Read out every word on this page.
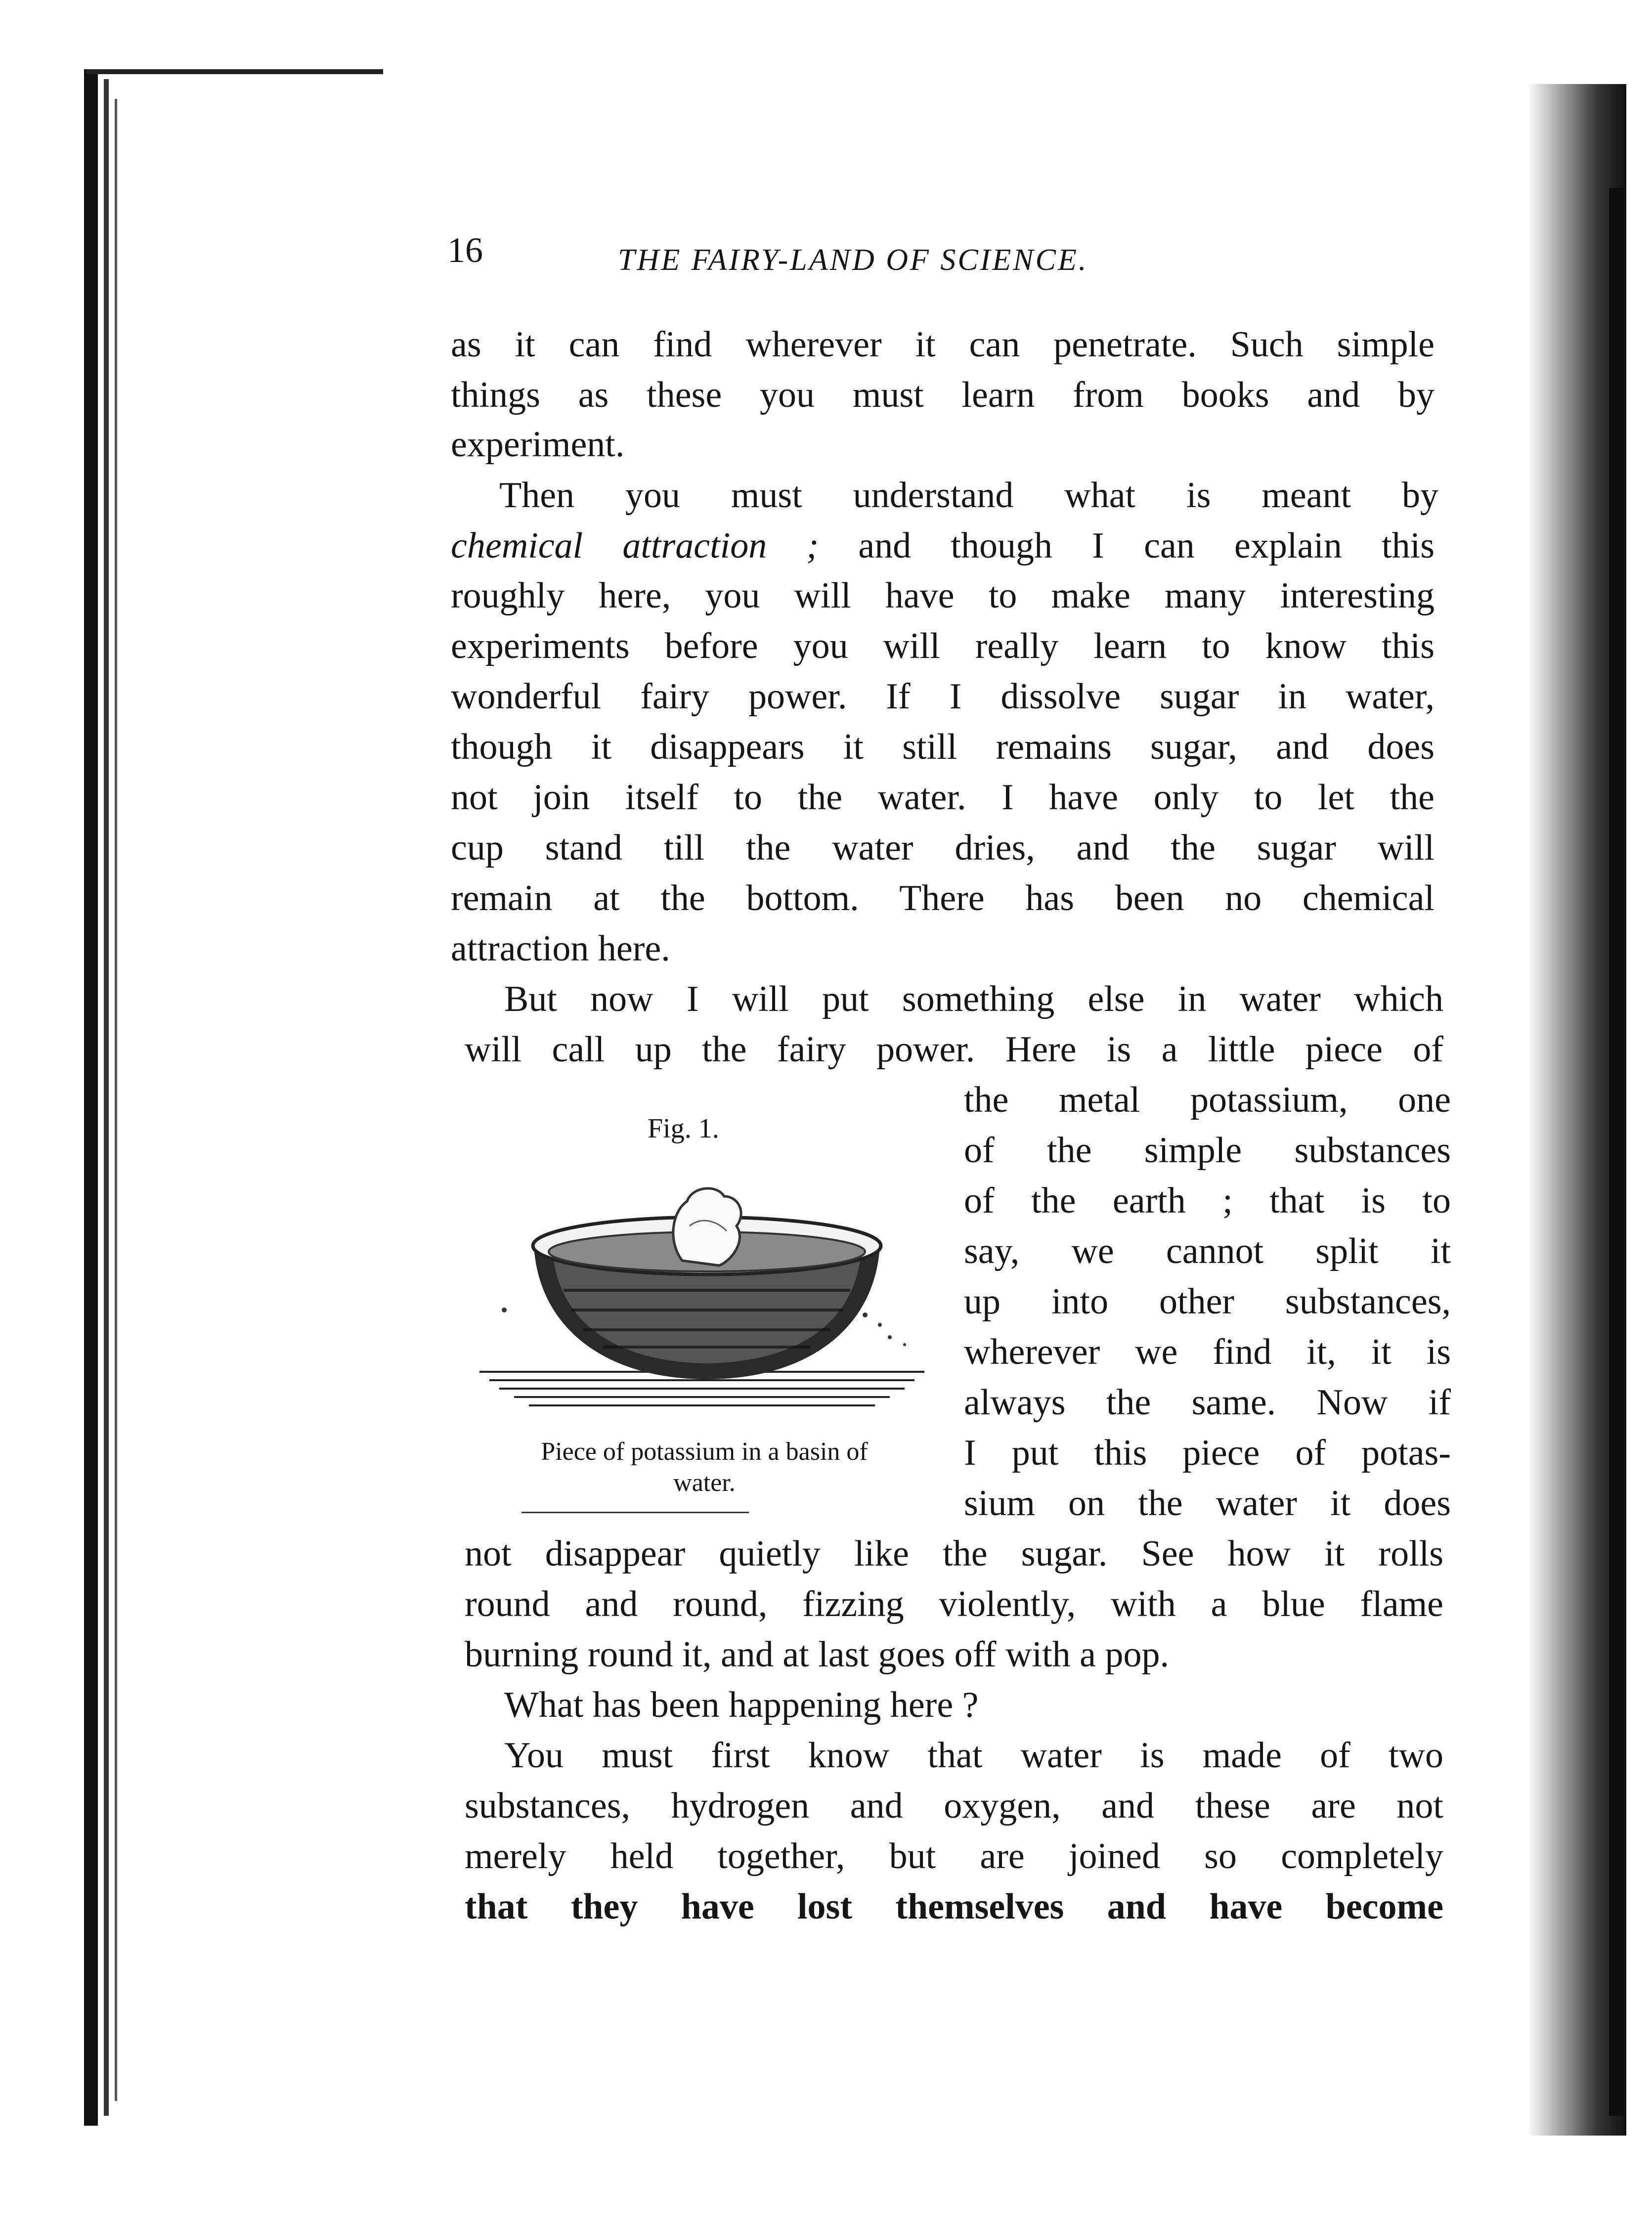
16	THE FAIRY-LAND OF SCIENCE.
as it can find wherever it can penetrate. Such simple
things as these you must learn from books and by
experiment.
Then you must understand what is meant by
chemical attraction ; and though I can explain this
roughly here, you will have to make many interesting
experiments before you will really learn to know this
wonderful fairy power. If I dissolve sugar in water,
though it disappears it still remains sugar, and does
not join itself to the water. I have only to let the
cup stand till the water dries, and the sugar will
remain at the bottom. There has been no chemical
attraction here.
But now I will put something else in water which
will call up the fairy power. Here is a little piece of
the metal potassium, one
of the simple substances
of the earth ; that is to
say, we cannot split it
up into other substances,
wherever we find it, it is
always the same. Now if
I put this piece of potas-
sium on the water it does
not disappear quietly like the sugar. See how it rolls
round and round, fizzing violently, with a blue flame
burning round it, and at last goes off with a pop.
What has been happening here ?
You must first know that water is made of two
substances, hydrogen and oxygen, and these are not
merely held together, but are joined so completely
that they have lost themselves and have become
Fig. 1.
Piece of potassium in a basin of
water.
